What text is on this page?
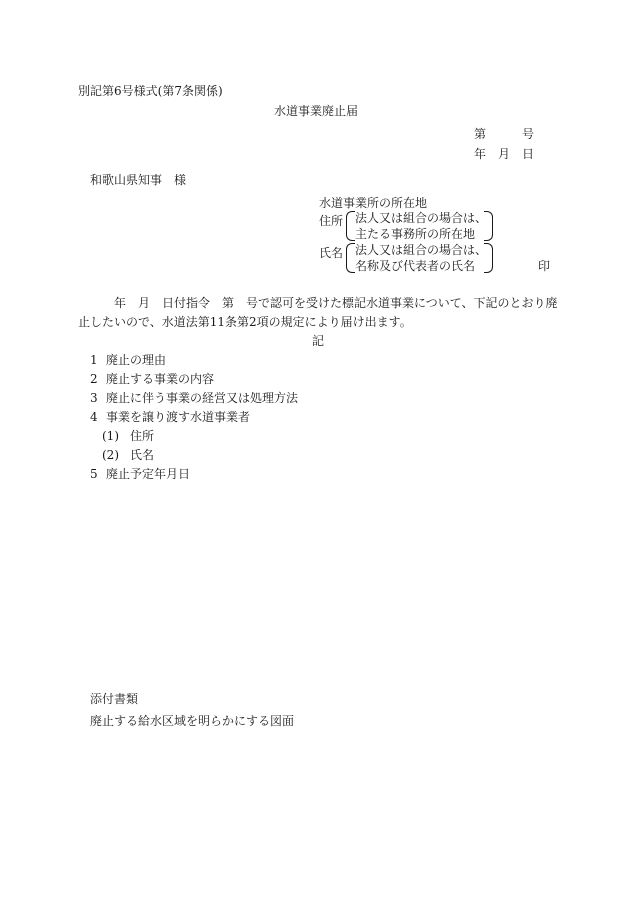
別記第6号様式(第7条関係)
水道事業廃止届
第　　　号
年　月　日
和歌山県知事　様
水道事業所の所在地
住所 法人又は組合の場合は、
主たる事務所の所在地
氏名 法人又は組合の場合は、
名称及び代表者の氏名	印
年　月　日付指令　第　号で認可を受けた標記水道事業について、下記のとおり廃止したいので、水道法第11条第2項の規定により届け出ます。
記
1 廃止の理由
2 廃止する事業の内容
3 廃止に伴う事業の経営又は処理方法
4 事業を譲り渡す水道事業者
(1) 住所
(2) 氏名
5 廃止予定年月日
添付書類
廃止する給水区域を明らかにする図面
